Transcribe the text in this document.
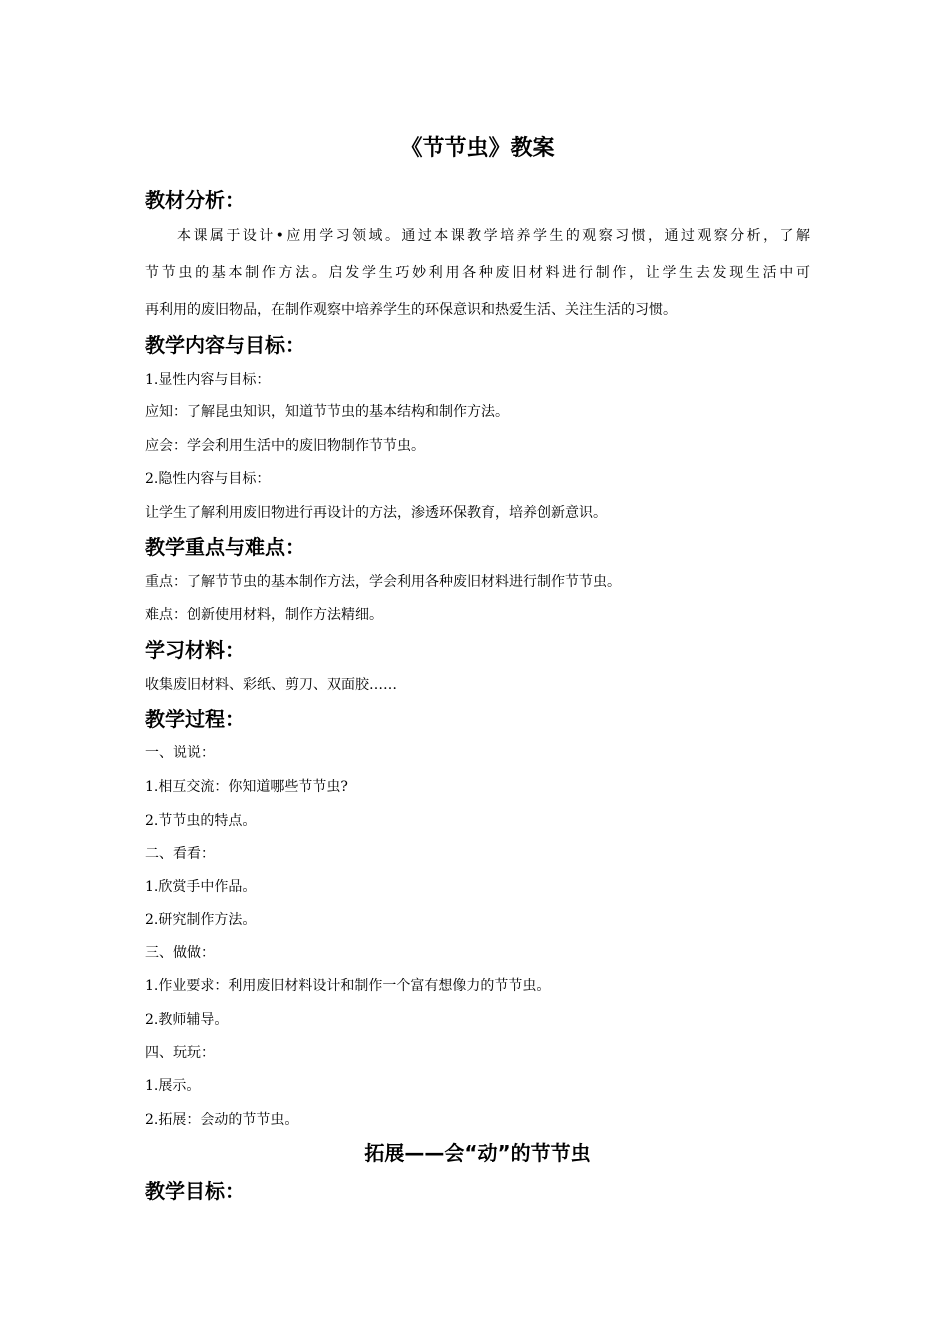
《节节虫》教案
教材分析：
本课属于设计•应用学习领域。通过本课教学培养学生的观察习惯，通过观察分析，了解
节节虫的基本制作方法。启发学生巧妙利用各种废旧材料进行制作，让学生去发现生活中可
再利用的废旧物品，在制作观察中培养学生的环保意识和热爱生活、关注生活的习惯。
教学内容与目标：
1.显性内容与目标：
应知：了解昆虫知识，知道节节虫的基本结构和制作方法。
应会：学会利用生活中的废旧物制作节节虫。
2.隐性内容与目标：
让学生了解利用废旧物进行再设计的方法，渗透环保教育，培养创新意识。
教学重点与难点：
重点：了解节节虫的基本制作方法，学会利用各种废旧材料进行制作节节虫。
难点：创新使用材料，制作方法精细。
学习材料：
收集废旧材料、彩纸、剪刀、双面胶……
教学过程：
一、说说：
1.相互交流：你知道哪些节节虫?
2.节节虫的特点。
二、看看：
1.欣赏手中作品。
2.研究制作方法。
三、做做：
1.作业要求：利用废旧材料设计和制作一个富有想像力的节节虫。
2.教师辅导。
四、玩玩：
1.展示。
2.拓展：会动的节节虫。
拓展——会“动”的节节虫
教学目标：
